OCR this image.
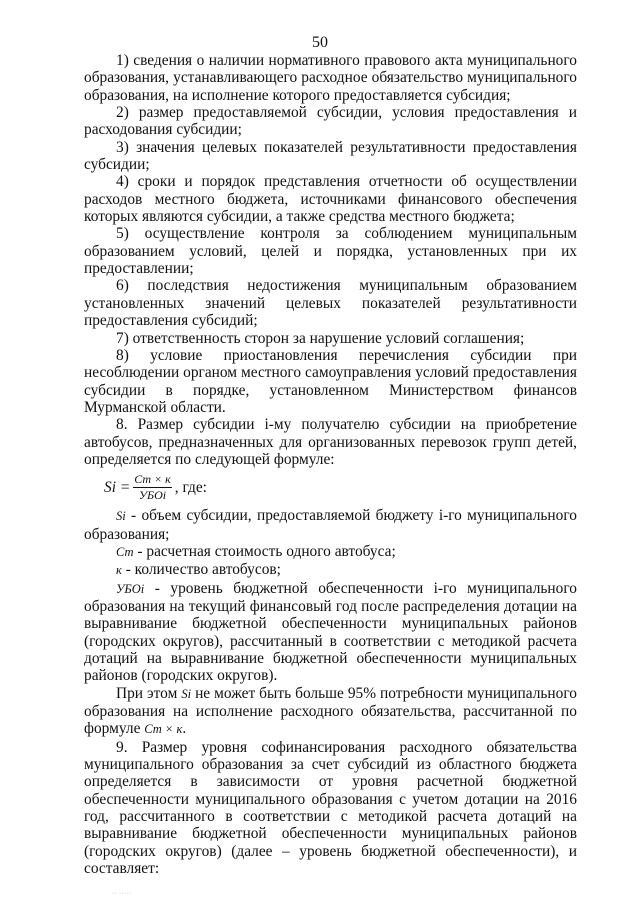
50

1) сведения о наличии нормативного правового акта муниципального образования, устанавливающего расходное обязательство муниципального образования, на исполнение которого предоставляется субсидия;

2) размер предоставляемой субсидии, условия предоставления и расходования субсидии;

3) значения целевых показателей результативности предоставления субсидии;

4) сроки и порядок представления отчетности об осуществлении расходов местного бюджета, источниками финансового обеспечения которых являются субсидии, а также средства местного бюджета;

5) осуществление контроля за соблюдением муниципальным образованием условий, целей и порядка, установленных при их предоставлении;

6) последствия недостижения муниципальным образованием установленных значений целевых показателей результативности предоставления субсидий;

7) ответственность сторон за нарушение условий соглашения;

8) условие приостановления перечисления субсидии при несоблюдении органом местного самоуправления условий предоставления субсидии в порядке, установленном Министерством финансов Мурманской области.

8. Размер субсидии i-му получателю субсидии на приобретение автобусов, предназначенных для организованных перевозок групп детей, определяется по следующей формуле:

$Si = \frac{Ст \times к}{\text{УБОi}}$ , где:

Si - объем субсидии, предоставляемой бюджету i-го муниципального образования;

Ст - расчетная стоимость одного автобуса;

к - количество автобусов;

УБОi - уровень бюджетной обеспеченности i-го муниципального образования на текущий финансовый год после распределения дотации на выравнивание бюджетной обеспеченности муниципальных районов (городских округов), рассчитанный в соответствии с методикой расчета дотаций на выравнивание бюджетной обеспеченности муниципальных районов (городских округов).

При этом Si не может быть больше 95% потребности муниципального образования на исполнение расходного обязательства, рассчитанной по формуле Ст × к.

9. Размер уровня софинансирования расходного обязательства муниципального образования за счет субсидий из областного бюджета определяется в зависимости от уровня расчетной бюджетной обеспеченности муниципального образования с учетом дотации на 2016 год, рассчитанного в соответствии с методикой расчета дотаций на выравнивание бюджетной обеспеченности муниципальных районов (городских округов) (далее – уровень бюджетной обеспеченности), и составляет:

·· ·····
